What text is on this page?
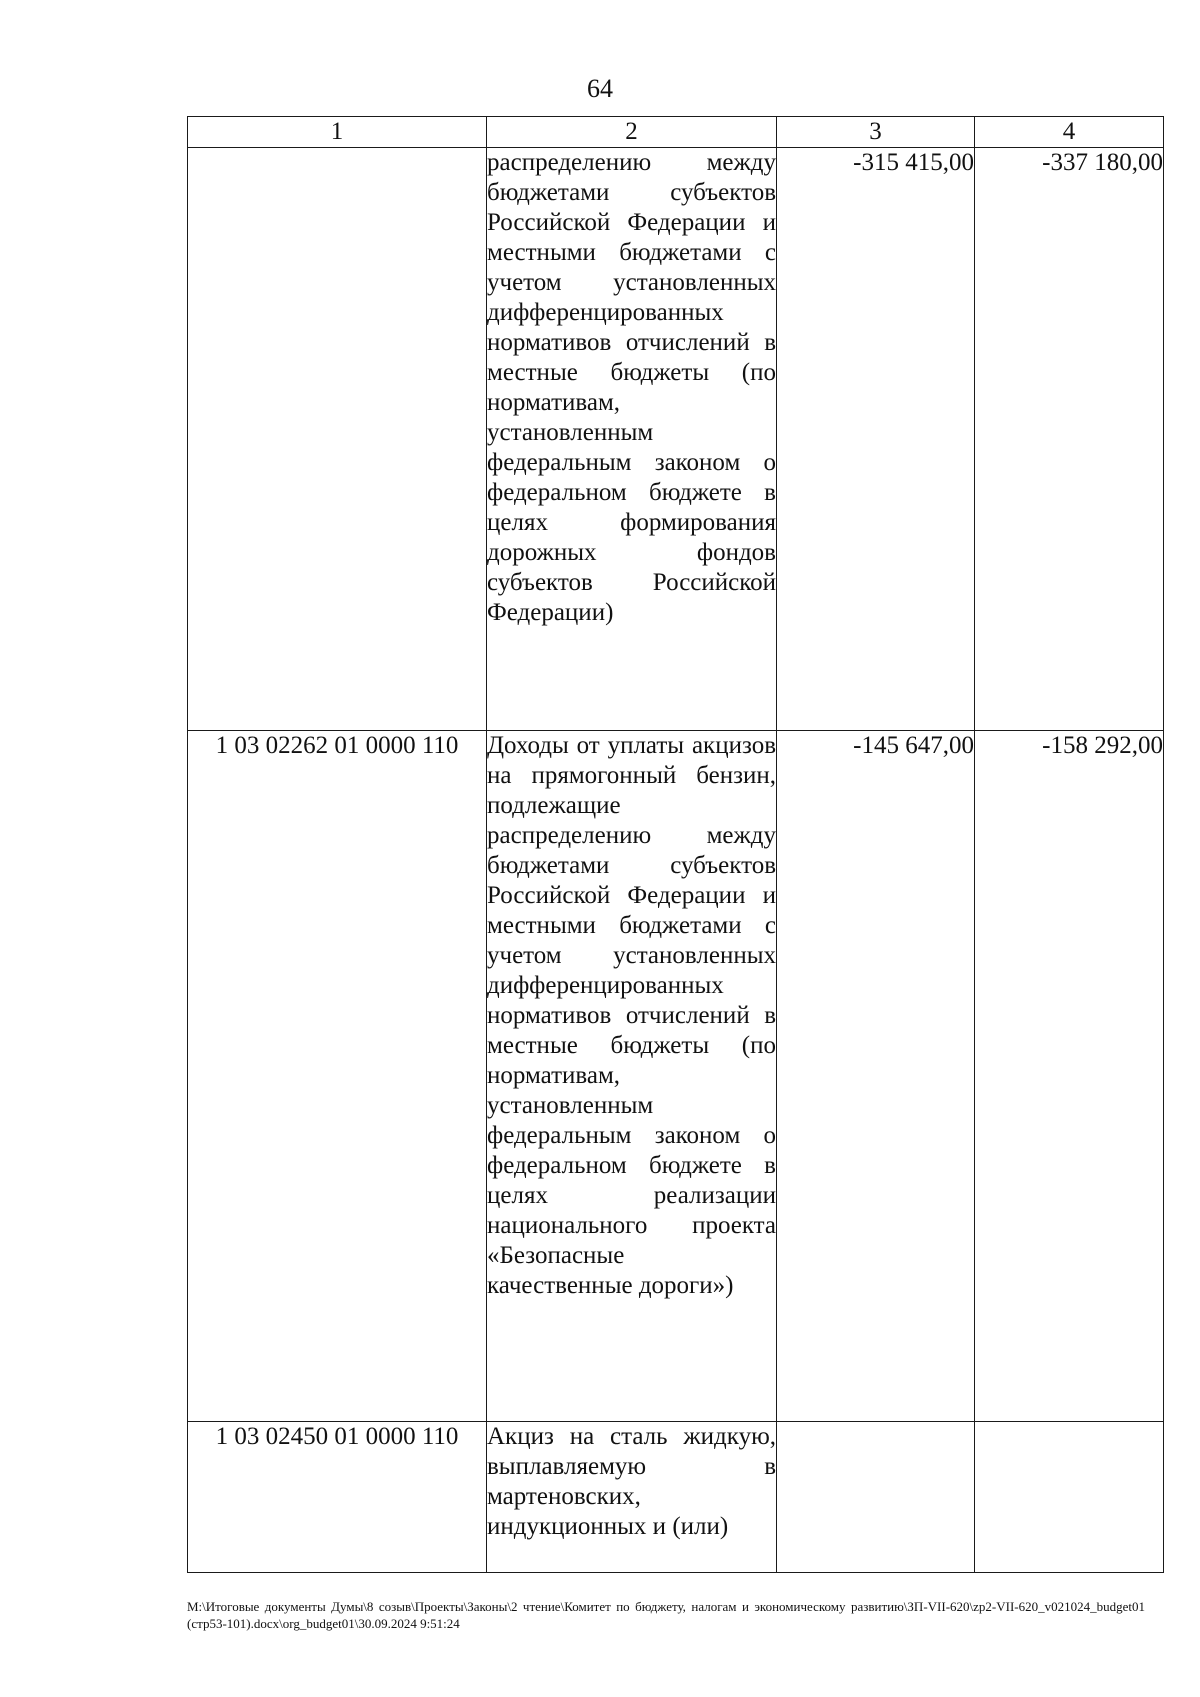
64
1	2	3	4

	распределению между бюджетами субъектов Российской Федерации и местными бюджетами с учетом установленных дифференцированных нормативов отчислений в местные бюджеты (по нормативам, установленным федеральным законом о федеральном бюджете в целях формирования дорожных фондов субъектов Российской Федерации)	-315 415,00	-337 180,00
1 03 02262 01 0000 110	Доходы от уплаты акцизов на прямогонный бензин, подлежащие распределению между бюджетами субъектов Российской Федерации и местными бюджетами с учетом установленных дифференцированных нормативов отчислений в местные бюджеты (по нормативам, установленным федеральным законом о федеральном бюджете в целях реализации национального проекта «Безопасные качественные дороги»)	-145 647,00	-158 292,00
1 03 02450 01 0000 110	Акциз на сталь жидкую, выплавляемую в мартеновских, индукционных и (или)		

M:\Итоговые документы Думы\8 созыв\Проекты\Законы\2 чтение\Комитет по бюджету, налогам и экономическому развитию\ЗП-VII-620\zp2-VII-620_v021024_budget01 (стр53-101).docx\org_budget01\30.09.2024 9:51:24
